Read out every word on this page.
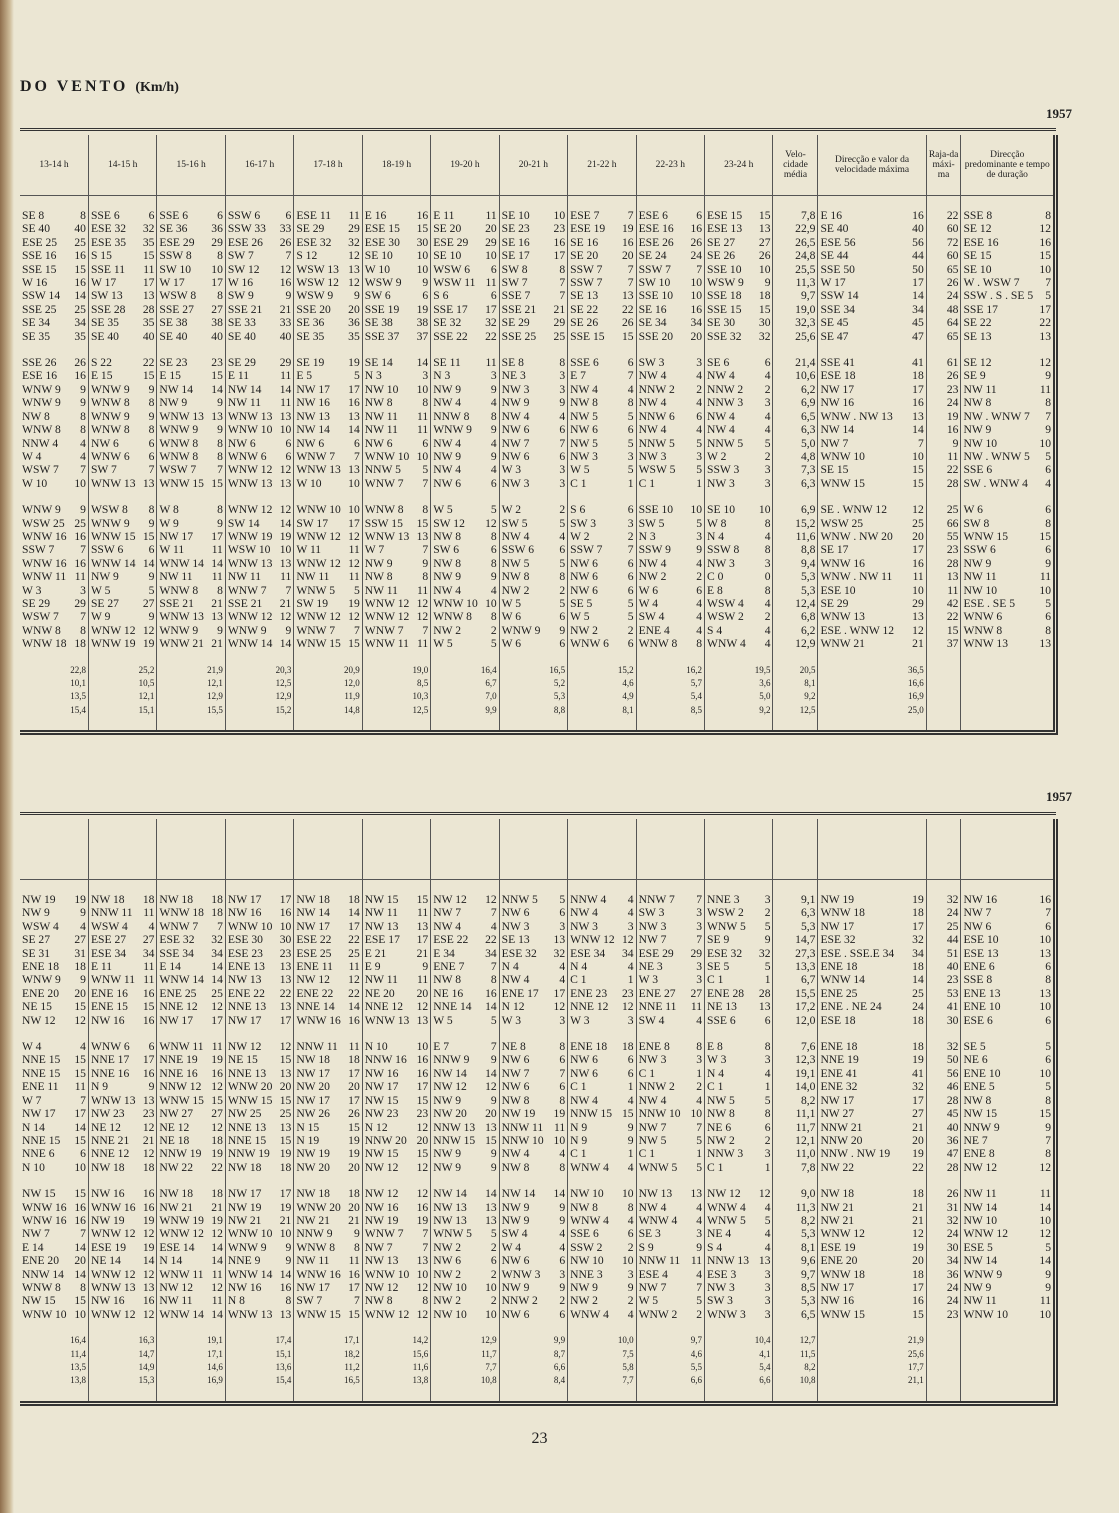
DO VENTO (Km/h)
1957
13-14 h	14-15 h	15-16 h	16-17 h	17-18 h	18-19 h	19-20 h	20-21 h	21-22 h	22-23 h	23-24 h	Velo-cidade média	Direcção e valor da velocidade máxima	Raja-da máxi-ma	Direcção predominante e tempo de duração

SE 8 8	SSE 6 6	SSE 6 6	SSW 6 6	ESE 11 11	E 16 16	E 11 11	SE 10 10	ESE 7 7	ESE 6 6	ESE 15 15	7,8	E 16 16	22	SSE 8 8

SE 40 40	ESE 32 32	SE 36 36	SSW 33 33	SE 29 29	ESE 15 15	SE 20 20	SE 23 23	ESE 19 19	ESE 16 16	ESE 13 13	22,9	SE 40 40	60	SE 12 12

ESE 25 25	ESE 35 35	ESE 29 29	ESE 26 26	ESE 32 32	ESE 30 30	ESE 29 29	SE 16 16	SE 16 16	ESE 26 26	SE 27 27	26,5	ESE 56 56	72	ESE 16 16

SSE 16 16	S 15 15	SSW 8 8	SW 7 7	S 12 12	SE 10 10	SE 10 10	SE 17 17	SE 20 20	SE 24 24	SE 26 26	24,8	SE 44 44	60	SE 15 15

SSE 15 15	SSE 11 11	SW 10 10	SW 12 12	WSW 13 13	W 10 10	WSW 6 6	SW 8 8	SSW 7 7	SSW 7 7	SSE 10 10	25,5	SSE 50 50	65	SE 10 10

W 16 16	W 17 17	W 17 17	W 16 16	WSW 12 12	WSW 9 9	WSW 11 11	SW 7 7	SSW 7 7	SW 10 10	WSW 9 9	11,3	W 17 17	26	W . WSW 7 7

SSW 14 14	SW 13 13	WSW 8 8	SW 9 9	WSW 9 9	SW 6 6	S 6 6	SSE 7 7	SE 13 13	SSE 10 10	SSE 18 18	9,7	SSW 14 14	24	SSW . S . SE 5 5

SSE 25 25	SSE 28 28	SSE 27 27	SSE 21 21	SSE 20 20	SSE 19 19	SSE 17 17	SSE 21 21	SE 22 22	SE 16 16	SSE 15 15	19,0	SSE 34 34	48	SSE 17 17

SE 34 34	SE 35 35	SE 38 38	SE 33 33	SE 36 36	SE 38 38	SE 32 32	SE 29 29	SE 26 26	SE 34 34	SE 30 30	32,3	SE 45 45	64	SE 22 22

SE 35 35	SE 40 40	SE 40 40	SE 40 40	SE 35 35	SSE 37 37	SSE 22 22	SSE 25 25	SSE 15 15	SSE 20 20	SSE 32 32	25,6	SE 47 47	65	SE 13 13

SSE 26 26	S 22 22	SE 23 23	SE 29 29	SE 19 19	SE 14 14	SE 11 11	SE 8 8	SSE 6 6	SW 3 3	SE 6 6	21,4	SSE 41 41	61	SE 12 12

ESE 16 16	E 15 15	E 15 15	E 11 11	E 5 5	N 3 3	N 3 3	NE 3 3	E 7 7	NW 4 4	NW 4 4	10,6	ESE 18 18	26	SE 9 9

WNW 9 9	WNW 9 9	NW 14 14	NW 14 14	NW 17 17	NW 10 10	NW 9 9	NW 3 3	NW 4 4	NNW 2 2	NNW 2 2	6,2	NW 17 17	23	NW 11 11

WNW 9 9	WNW 8 8	NW 9 9	NW 11 11	NW 16 16	NW 8 8	NW 4 4	NW 9 9	NW 8 8	NW 4 4	NNW 3 3	6,9	NW 16 16	24	NW 8 8

NW 8 8	WNW 9 9	WNW 13 13	WNW 13 13	NW 13 13	NW 11 11	NNW 8 8	NW 4 4	NW 5 5	NNW 6 6	NW 4 4	6,5	WNW . NW 13 13	19	NW . WNW 7 7

WNW 8 8	WNW 8 8	WNW 9 9	WNW 10 10	NW 14 14	NW 11 11	WNW 9 9	NW 6 6	NW 6 6	NW 4 4	NW 4 4	6,3	NW 14 14	16	NW 9 9

NNW 4 4	NW 6 6	WNW 8 8	NW 6 6	NW 6 6	NW 6 6	NW 4 4	NW 7 7	NW 5 5	NNW 5 5	NNW 5 5	5,0	NW 7 7	9	NW 10 10

W 4 4	WNW 6 6	WNW 8 8	WNW 6 6	WNW 7 7	WNW 10 10	NW 9 9	NW 6 6	NW 3 3	NW 3 3	W 2 2	4,8	WNW 10 10	11	NW . WNW 5 5

WSW 7 7	SW 7 7	WSW 7 7	WNW 12 12	WNW 13 13	NNW 5 5	NW 4 4	W 3 3	W 5 5	WSW 5 5	SSW 3 3	7,3	SE 15 15	22	SSE 6 6

W 10 10	WNW 13 13	WNW 15 15	WNW 13 13	W 10 10	WNW 7 7	NW 6 6	NW 3 3	C 1 1	C 1 1	NW 3 3	6,3	WNW 15 15	28	SW . WNW 4 4

WNW 9 9	WSW 8 8	W 8 8	WNW 12 12	WNW 10 10	WNW 8 8	W 5 5	W 2 2	S 6 6	SSE 10 10	SE 10 10	6,9	SE . WNW 12 12	25	W 6 6

WSW 25 25	WNW 9 9	W 9 9	SW 14 14	SW 17 17	SSW 15 15	SW 12 12	SW 5 5	SW 3 3	SW 5 5	W 8 8	15,2	WSW 25 25	66	SW 8 8

WNW 16 16	WNW 15 15	NW 17 17	WNW 19 19	WNW 12 12	WNW 13 13	NW 8 8	NW 4 4	W 2 2	N 3 3	N 4 4	11,6	WNW . NW 20 20	55	WNW 15 15

SSW 7 7	SSW 6 6	W 11 11	WSW 10 10	W 11 11	W 7 7	SW 6 6	SSW 6 6	SSW 7 7	SSW 9 9	SSW 8 8	8,8	SE 17 17	23	SSW 6 6

WNW 16 16	WNW 14 14	WNW 14 14	WNW 13 13	WNW 12 12	NW 9 9	NW 8 8	NW 5 5	NW 6 6	NW 4 4	NW 3 3	9,4	WNW 16 16	28	NW 9 9

WNW 11 11	NW 9 9	NW 11 11	NW 11 11	NW 11 11	NW 8 8	NW 9 9	NW 8 8	NW 6 6	NW 2 2	C 0 0	5,3	WNW . NW 11 11	13	NW 11 11

W 3 3	W 5 5	WNW 8 8	WNW 7 7	WNW 5 5	NW 11 11	NW 4 4	NW 2 2	NW 6 6	W 6 6	E 8 8	5,3	ESE 10 10	11	NW 10 10

SE 29 29	SE 27 27	SSE 21 21	SSE 21 21	SW 19 19	WNW 12 12	WNW 10 10	W 5 5	SE 5 5	W 4 4	WSW 4 4	12,4	SE 29 29	42	ESE . SE 5 5

WSW 7 7	W 9 9	WNW 13 13	WNW 12 12	WNW 12 12	WNW 12 12	WNW 8 8	W 6 6	W 5 5	SW 4 4	WSW 2 2	6,8	WNW 13 13	22	WNW 6 6

WNW 8 8	WNW 12 12	WNW 9 9	WNW 9 9	WNW 7 7	WNW 7 7	NW 2 2	WNW 9 9	NW 2 2	ENE 4 4	S 4 4	6,2	ESE . WNW 12 12	15	WNW 8 8

WNW 18 18	WNW 19 19	WNW 21 21	WNW 14 14	WNW 15 15	WNW 11 11	W 5 5	W 6 6	WNW 6 6	WNW 8 8	WNW 4 4	12,9	WNW 21 21	37	WNW 13 13

22,8	25,2	21,9	20,3	20,9	19,0	16,4	16,5	15,2	16,2	19,5	20,5	36,5		
10,1	10,5	12,1	12,5	12,0	8,5	6,7	5,2	4,6	5,7	3,6	8,1	16,6		
13,5	12,1	12,9	12,9	11,9	10,3	7,0	5,3	4,9	5,4	5,0	9,2	16,9		
15,4	15,1	15,5	15,2	14,8	12,5	9,9	8,8	8,1	8,5	9,2	12,5	25,0		

1957

NW 19 19	NW 18 18	NW 18 18	NW 17 17	NW 18 18	NW 15 15	NW 12 12	NNW 5 5	NNW 4 4	NNW 7 7	NNE 3 3	9,1	NW 19 19	32	NW 16 16

NW 9 9	NNW 11 11	WNW 18 18	NW 16 16	NW 14 14	NW 11 11	NW 7 7	NW 6 6	NW 4 4	SW 3 3	WSW 2 2	6,3	WNW 18 18	24	NW 7 7

WSW 4 4	WSW 4 4	WNW 7 7	WNW 10 10	NW 17 17	NW 13 13	NW 4 4	NW 3 3	NW 3 3	NW 3 3	WNW 5 5	5,3	NW 17 17	25	NW 6 6

SE 27 27	ESE 27 27	ESE 32 32	ESE 30 30	ESE 22 22	ESE 17 17	ESE 22 22	SE 13 13	WNW 12 12	NW 7 7	SE 9 9	14,7	ESE 32 32	44	ESE 10 10

SE 31 31	ESE 34 34	SSE 34 34	ESE 23 23	ESE 25 25	E 21 21	E 34 34	ESE 32 32	ESE 34 34	ESE 29 29	ESE 32 32	27,3	ESE . SSE.E 34 34	51	ESE 13 13

ENE 18 18	E 11 11	E 14 14	ENE 13 13	ENE 11 11	E 9 9	ENE 7 7	N 4 4	N 4 4	NE 3 3	SE 5 5	13,3	ENE 18 18	40	ENE 6 6

WNW 9 9	WNW 11 11	WNW 14 14	NW 13 13	NW 12 12	NW 11 11	NW 8 8	NW 4 4	C 1 1	W 3 3	C 1 1	6,7	WNW 14 14	23	SSE 8 8

ENE 20 20	ENE 16 16	ENE 25 25	ENE 22 22	ENE 22 22	NE 20 20	NE 16 16	ENE 17 17	ENE 23 23	ENE 27 27	ENE 28 28	15,5	ENE 25 25	53	ENE 13 13

NE 15 15	ENE 15 15	NNE 12 12	NNE 13 13	NNE 14 14	NNE 12 12	NNE 14 14	N 12 12	NNE 12 12	NNE 11 11	NE 13 13	17,2	ENE . NE 24 24	41	ENE 10 10

NW 12 12	NW 16 16	NW 17 17	NW 17 17	WNW 16 16	WNW 13 13	W 5 5	W 3 3	W 3 3	SW 4 4	SSE 6 6	12,0	ESE 18 18	30	ESE 6 6

W 4 4	WNW 6 6	WNW 11 11	NW 12 12	NNW 11 11	N 10 10	E 7 7	NE 8 8	ENE 18 18	ENE 8 8	E 8 8	7,6	ENE 18 18	32	SE 5 5

NNE 15 15	NNE 17 17	NNE 19 19	NE 15 15	NW 18 18	NNW 16 16	NNW 9 9	NW 6 6	NW 6 6	NW 3 3	W 3 3	12,3	NNE 19 19	50	NE 6 6

NNE 15 15	NNE 16 16	NNE 16 16	NNE 13 13	NW 17 17	NW 16 16	NW 14 14	NW 7 7	NW 6 6	C 1 1	N 4 4	19,1	ENE 41 41	56	ENE 10 10

ENE 11 11	N 9 9	NNW 12 12	WNW 20 20	NW 20 20	NW 17 17	NW 12 12	NW 6 6	C 1 1	NNW 2 2	C 1 1	14,0	ENE 32 32	46	ENE 5 5

W 7 7	WNW 13 13	WNW 15 15	WNW 15 15	NW 17 17	NW 15 15	NW 9 9	NW 8 8	NW 4 4	NW 4 4	NW 5 5	8,2	NW 17 17	28	NW 8 8

NW 17 17	NW 23 23	NW 27 27	NW 25 25	NW 26 26	NW 23 23	NW 20 20	NW 19 19	NNW 15 15	NNW 10 10	NW 8 8	11,1	NW 27 27	45	NW 15 15

N 14 14	NE 12 12	NE 12 12	NNE 13 13	N 15 15	N 12 12	NNW 13 13	NNW 11 11	N 9 9	NW 7 7	NE 6 6	11,7	NNW 21 21	40	NNW 9 9

NNE 15 15	NNE 21 21	NE 18 18	NNE 15 15	N 19 19	NNW 20 20	NNW 15 15	NNW 10 10	N 9 9	NW 5 5	NW 2 2	12,1	NNW 20 20	36	NE 7 7

NNE 6 6	NNE 12 12	NNW 19 19	NNW 19 19	NW 19 19	NW 15 15	NW 9 9	NW 4 4	C 1 1	C 1 1	NNW 3 3	11,0	NNW . NW 19 19	47	ENE 8 8

N 10 10	NW 18 18	NW 22 22	NW 18 18	NW 20 20	NW 12 12	NW 9 9	NW 8 8	WNW 4 4	WNW 5 5	C 1 1	7,8	NW 22 22	28	NW 12 12

NW 15 15	NW 16 16	NW 18 18	NW 17 17	NW 18 18	NW 12 12	NW 14 14	NW 14 14	NW 10 10	NW 13 13	NW 12 12	9,0	NW 18 18	26	NW 11 11

WNW 16 16	WNW 16 16	NW 21 21	NW 19 19	WNW 20 20	NW 16 16	NW 13 13	NW 9 9	NW 8 8	NW 4 4	WNW 4 4	11,3	NW 21 21	31	NW 14 14

WNW 16 16	NW 19 19	WNW 19 19	NW 21 21	NW 21 21	NW 19 19	NW 13 13	NW 9 9	WNW 4 4	WNW 4 4	WNW 5 5	8,2	NW 21 21	32	NW 10 10

NW 7 7	WNW 12 12	WNW 12 12	WNW 10 10	NNW 9 9	WNW 7 7	WNW 5 5	SW 4 4	SSE 6 6	SE 3 3	NE 4 4	5,3	WNW 12 12	24	WNW 12 12

E 14 14	ESE 19 19	ESE 14 14	WNW 9 9	WNW 8 8	NW 7 7	NW 2 2	W 4 4	SSW 2 2	S 9 9	S 4 4	8,1	ESE 19 19	30	ESE 5 5

ENE 20 20	NE 14 14	N 14 14	NNE 9 9	NW 11 11	NW 13 13	NW 6 6	NW 6 6	NW 10 10	NNW 11 11	NNW 13 13	9,6	ENE 20 20	34	NW 14 14

NNW 14 14	WNW 12 12	WNW 11 11	WNW 14 14	WNW 16 16	WNW 10 10	NW 2 2	WNW 3 3	NNE 3 3	ESE 4 4	ESE 3 3	9,7	WNW 18 18	36	WNW 9 9

WNW 8 8	WNW 13 13	NW 12 12	NW 16 16	NW 17 17	NW 12 12	NW 10 10	NW 9 9	NW 9 9	NW 7 7	NW 3 3	8,5	NW 17 17	24	NW 9 9

NW 15 15	NW 16 16	NW 11 11	N 8 8	SW 7 7	NW 8 8	NW 2 2	NNW 2 2	NW 2 2	W 5 5	SW 3 3	5,3	NW 16 16	24	NW 11 11

WNW 10 10	WNW 12 12	WNW 14 14	WNW 13 13	WNW 15 15	WNW 12 12	NW 10 10	NW 6 6	WNW 4 4	WNW 2 2	WNW 3 3	6,5	WNW 15 15	23	WNW 10 10

16,4	16,3	19,1	17,4	17,1	14,2	12,9	9,9	10,0	9,7	10,4	12,7	21,9		
11,4	14,7	17,1	15,1	18,2	15,6	11,7	8,7	7,5	4,6	4,1	11,5	25,6		
13,5	14,9	14,6	13,6	11,2	11,6	7,7	6,6	5,8	5,5	5,4	8,2	17,7		
13,8	15,3	16,9	15,4	16,5	13,8	10,8	8,4	7,7	6,6	6,6	10,8	21,1		

23
